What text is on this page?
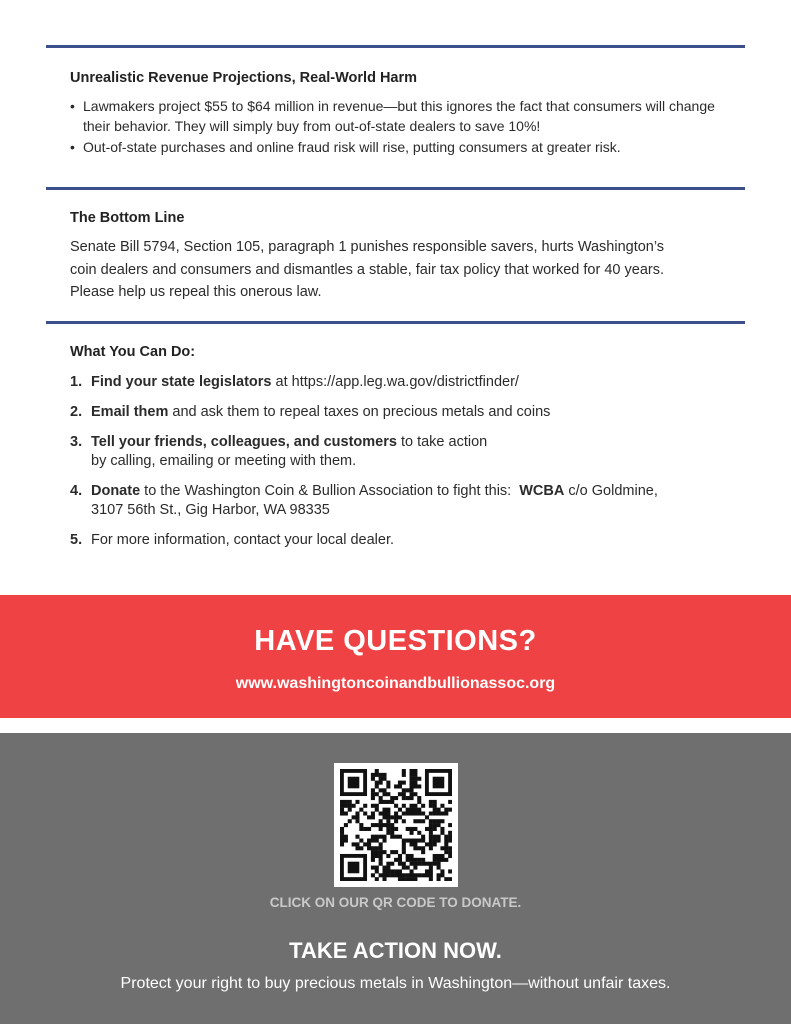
Unrealistic Revenue Projections, Real-World Harm
• Lawmakers project $55 to $64 million in revenue—but this ignores the fact that consumers will change their behavior. They will simply buy from out-of-state dealers to save 10%!
• Out-of-state purchases and online fraud risk will rise, putting consumers at greater risk.
The Bottom Line

Senate Bill 5794, Section 105, paragraph 1 punishes responsible savers, hurts Washington’s coin dealers and consumers and dismantles a stable, fair tax policy that worked for 40 years. Please help us repeal this onerous law.

What You Can Do:
1. Find your state legislators at https://app.leg.wa.gov/districtfinder/
2. Email them and ask them to repeal taxes on precious metals and coins
3. Tell your friends, colleagues, and customers to take action
by calling, emailing or meeting with them.
4. Donate to the Washington Coin & Bullion Association to fight this:  WCBA c/o Goldmine,
3107 56th St., Gig Harbor, WA 98335
5. For more information, contact your local dealer.
HAVE QUESTIONS?
www.washingtoncoinandbullionassoc.org
CLICK ON OUR QR CODE TO DONATE.
TAKE ACTION NOW.
Protect your right to buy precious metals in Washington—without unfair taxes.
